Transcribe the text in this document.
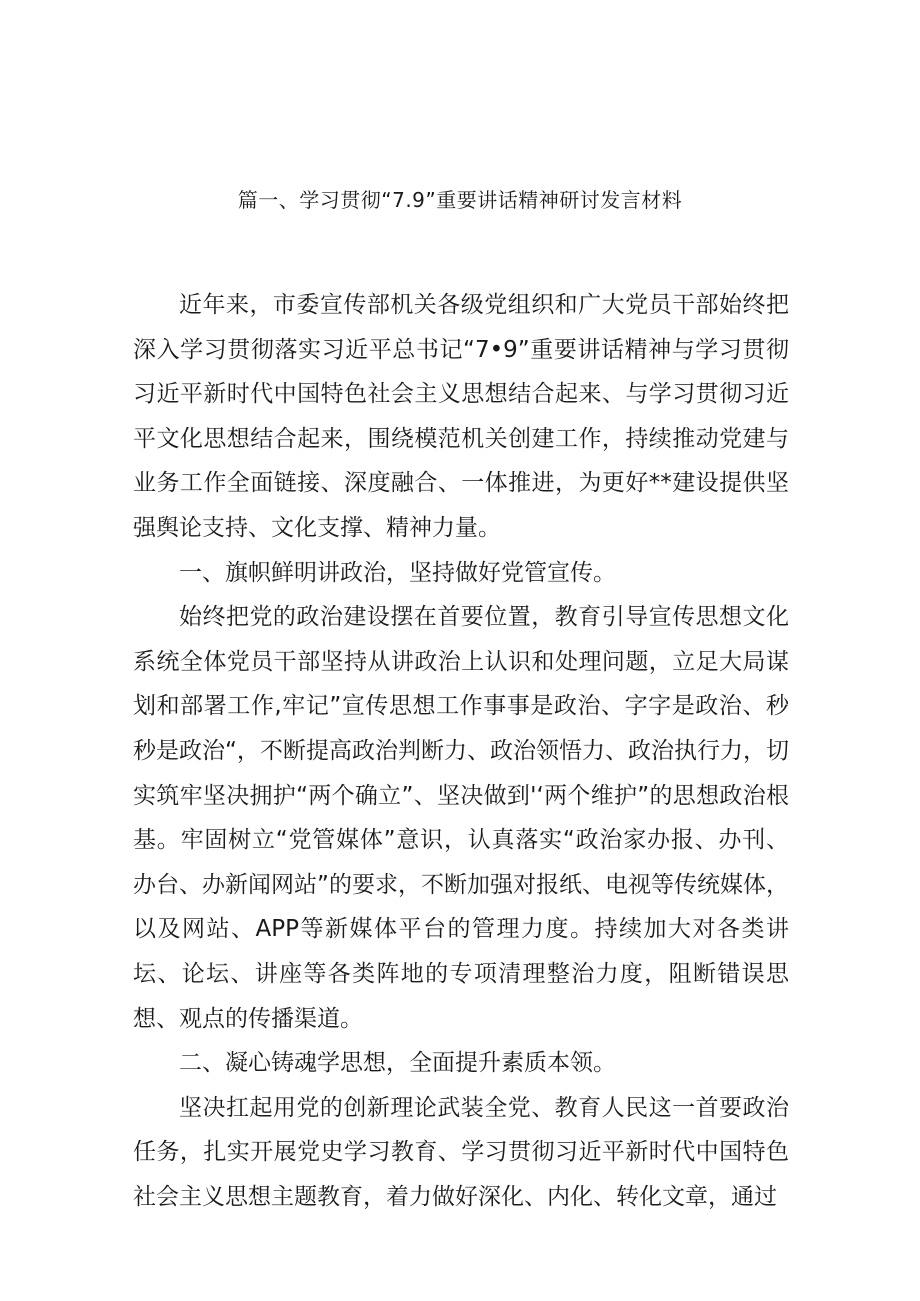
篇一、学习贯彻“7.9”重要讲话精神研讨发言材料

近年来，市委宣传部机关各级党组织和广大党员干部始终把深入学习贯彻落实习近平总书记“7•9”重要讲话精神与学习贯彻习近平新时代中国特色社会主义思想结合起来、与学习贯彻习近平文化思想结合起来，围绕模范机关创建工作，持续推动党建与业务工作全面链接、深度融合、一体推进，为更好**建设提供坚强舆论支持、文化支撑、精神力量。

一、旗帜鲜明讲政治，坚持做好党管宣传。

始终把党的政治建设摆在首要位置，教育引导宣传思想文化系统全体党员干部坚持从讲政治上认识和处理问题，立足大局谋划和部署工作,牢记”宣传思想工作事事是政治、字字是政治、秒秒是政治“，不断提高政治判断力、政治领悟力、政治执行力，切实筑牢坚决拥护“两个确立”、坚决做到'‘两个维护”的思想政治根基。牢固树立“党管媒体”意识，认真落实“政治家办报、办刊、办台、办新闻网站”的要求，不断加强对报纸、电视等传统媒体，以及网站、APP等新媒体平台的管理力度。持续加大对各类讲坛、论坛、讲座等各类阵地的专项清理整治力度，阻断错误思想、观点的传播渠道。

二、凝心铸魂学思想，全面提升素质本领。

坚决扛起用党的创新理论武装全党、教育人民这一首要政治任务，扎实开展党史学习教育、学习贯彻习近平新时代中国特色社会主义思想主题教育，着力做好深化、内化、转化文章，通过
